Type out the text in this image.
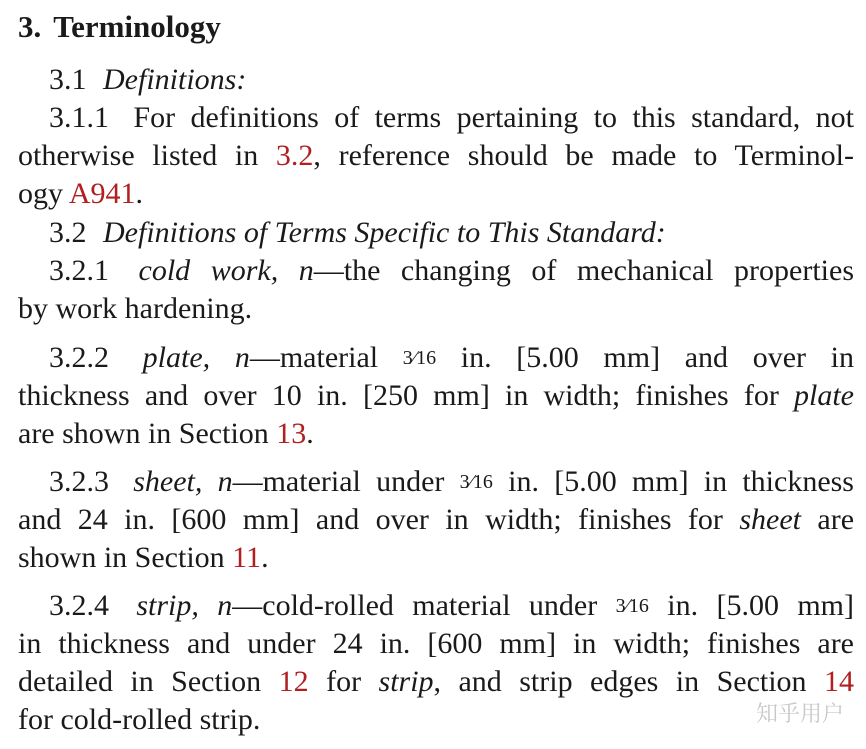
3. Terminology
3.1 Definitions:
3.1.1 For definitions of terms pertaining to this standard, not
otherwise listed in 3.2, reference should be made to Terminol-
ogy A941.
3.2 Definitions of Terms Specific to This Standard:
3.2.1 cold work, n—the changing of mechanical properties
by work hardening.
3.2.2 plate, n—material 3⁄16 in. [5.00 mm] and over in
thickness and over 10 in. [250 mm] in width; finishes for plate
are shown in Section 13.
3.2.3 sheet, n—material under 3⁄16 in. [5.00 mm] in thickness
and 24 in. [600 mm] and over in width; finishes for sheet are
shown in Section 11.
3.2.4 strip, n—cold-rolled material under 3⁄16 in. [5.00 mm]
in thickness and under 24 in. [600 mm] in width; finishes are
detailed in Section 12 for strip, and strip edges in Section 14
for cold-rolled strip.	知乎用户
